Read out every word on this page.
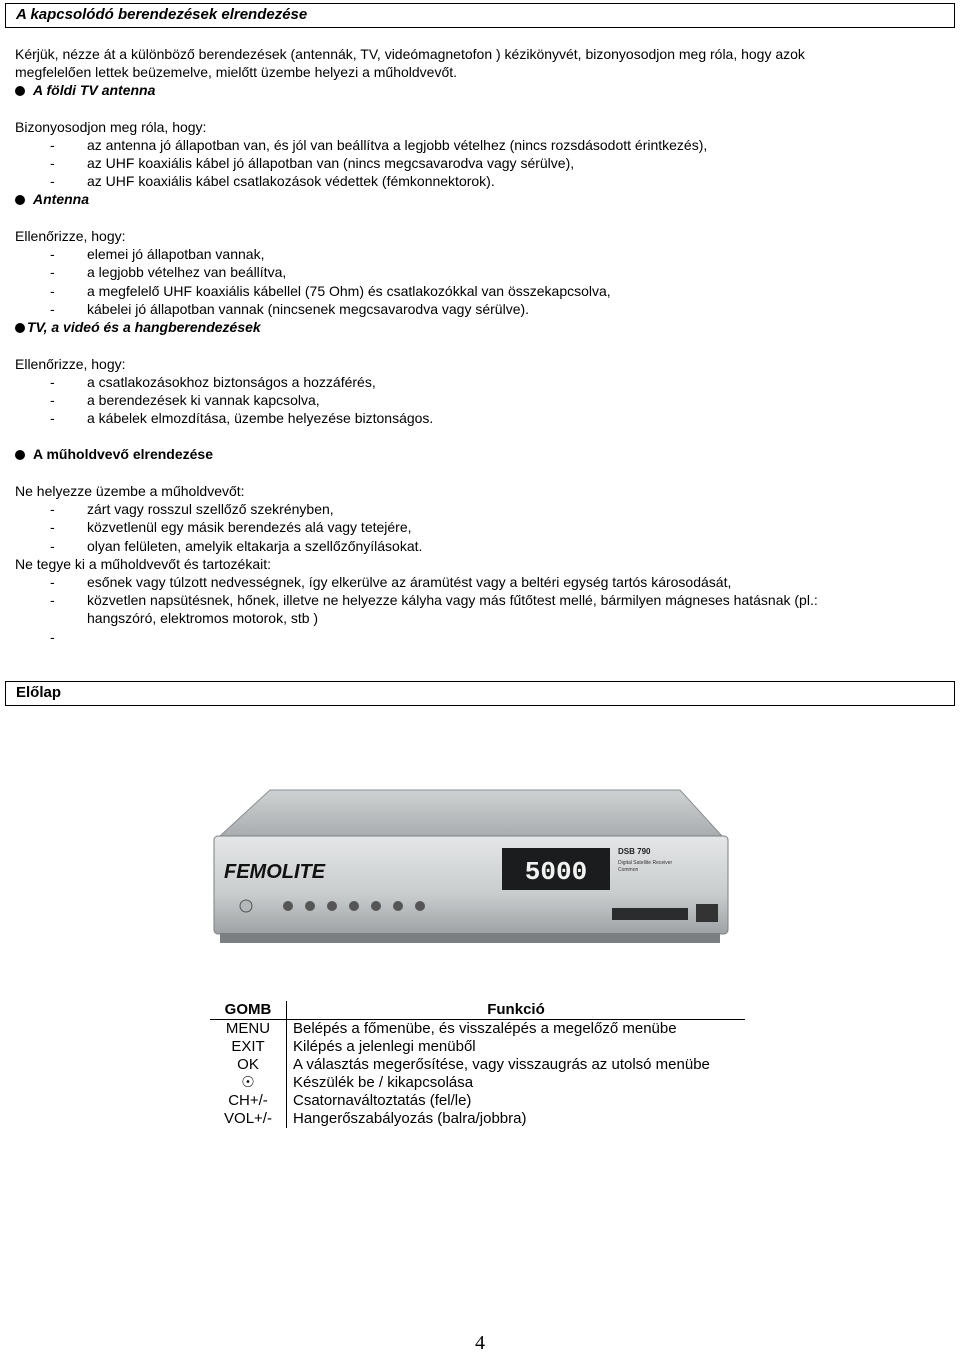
A kapcsolódó berendezések elrendezése
Kérjük, nézze át a különböző berendezések (antennák, TV, videómagnetofon ) kézikönyvét, bizonyosodjon meg róla, hogy azok
megfelelően lettek beüzemelve, mielőtt üzembe helyezi a műholdvevőt.
A földi TV antenna
Bizonyosodjon meg róla, hogy:
- az antenna jó állapotban van, és jól van beállítva a legjobb vételhez (nincs rozsdásodott érintkezés),
- az UHF koaxiális kábel jó állapotban van (nincs megcsavarodva vagy sérülve),
- az UHF koaxiális kábel csatlakozások védettek (fémkonnektorok).
Antenna
Ellenőrizze, hogy:
- elemei jó állapotban vannak,
- a legjobb vételhez van beállítva,
- a megfelelő UHF koaxiális kábellel (75 Ohm) és csatlakozókkal van összekapcsolva,
- kábelei jó állapotban vannak (nincsenek megcsavarodva vagy sérülve).
TV, a videó és a hangberendezések
Ellenőrizze, hogy:
- a csatlakozásokhoz biztonságos a hozzáférés,
- a berendezések ki vannak kapcsolva,
- a kábelek elmozdítása, üzembe helyezése biztonságos.
A műholdvevő elrendezése
Ne helyezze üzembe a műholdvevőt:
- zárt vagy rosszul szellőző szekrényben,
- közvetlenül egy másik berendezés alá vagy tetejére,
- olyan felületen, amelyik eltakarja a szellőzőnyílásokat.
Ne tegye ki a műholdvevőt és tartozékait:
- esőnek vagy túlzott nedvességnek, így elkerülve az áramütést vagy a beltéri egység tartós károsodását,
- közvetlen napsütésnek, hőnek, illetve ne helyezze kályha vagy más fűtőtest mellé, bármilyen mágneses hatásnak (pl.:
hangszóró, elektromos motorok, stb )
-
Előlap
FEMOLITE	5000
DSB 790
Digital Satellite Receiver
Common
GOMB	Funkció
MENU	Belépés a főmenübe, és visszalépés a megelőző menübe
EXIT	Kilépés a jelenlegi menüből
OK	A választás megerősítése, vagy visszaugrás az utolsó menübe
☉	Készülék be / kikapcsolása
CH+/-	Csatornaváltoztatás (fel/le)
VOL+/-	Hangerőszabályozás (balra/jobbra)
4
